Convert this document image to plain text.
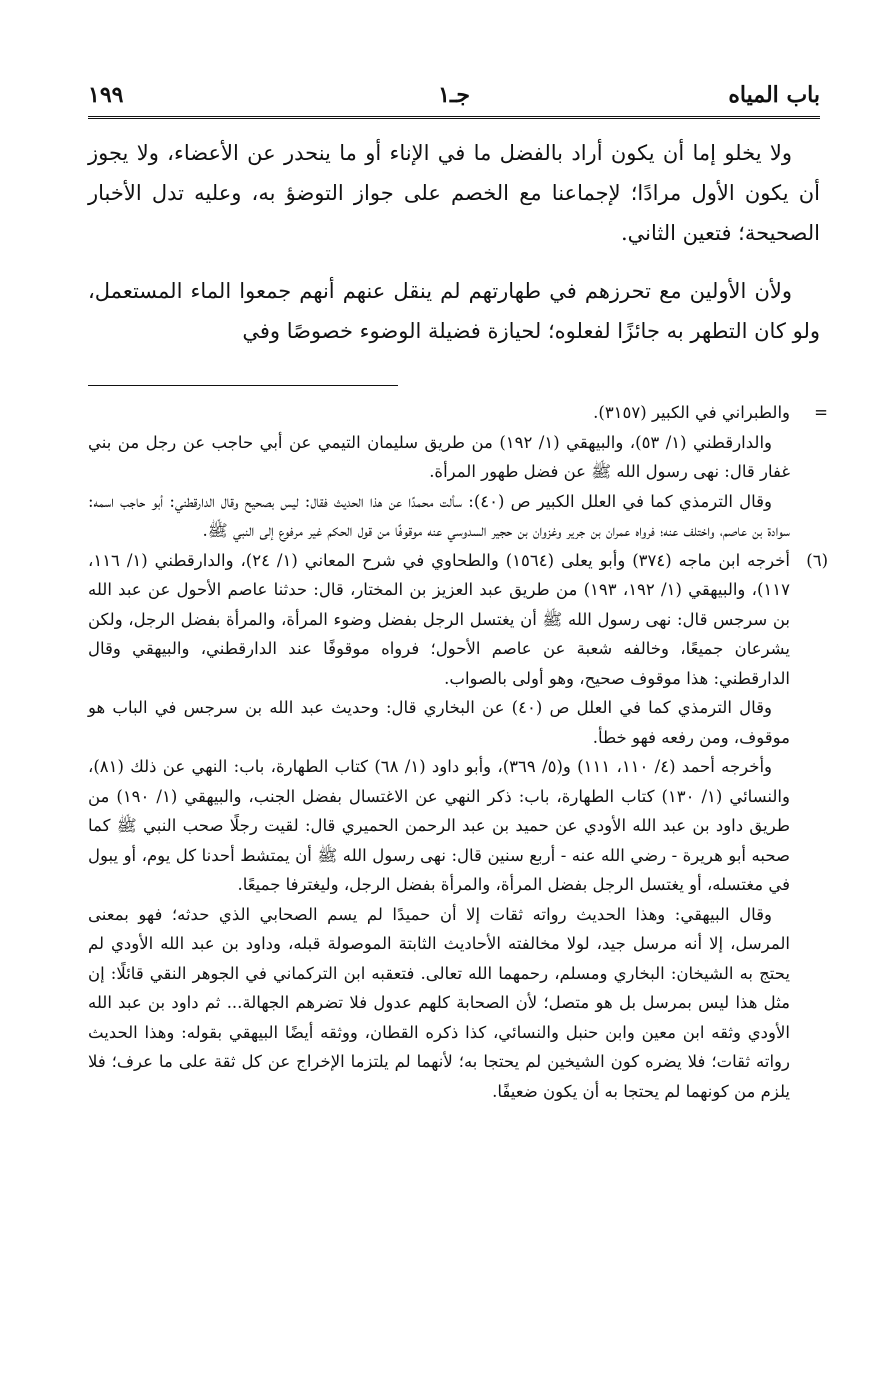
باب المياه
جـ١
١٩٩

ولا يخلو إما أن يكون أراد بالفضل ما في الإناء أو ما ينحدر عن الأعضاء، ولا يجوز أن يكون الأول مرادًا؛ لإجماعنا مع الخصم على جواز التوضؤ به، وعليه تدل الأخبار الصحيحة؛ فتعين الثاني.

ولأن الأولين مع تحرزهم في طهارتهم لم ينقل عنهم أنهم جمعوا الماء المستعمل، ولو كان التطهر به جائزًا لفعلوه؛ لحيازة فضيلة الوضوء خصوصًا وفي

=

والطبراني في الكبير (٣١٥٧).

والدارقطني (١/ ٥٣)، والبيهقي (١/ ١٩٢) من طريق سليمان التيمي عن أبي حاجب عن رجل من بني غفار قال: نهى رسول الله ﷺ عن فضل طهور المرأة.

وقال الترمذي كما في العلل الكبير ص (٤٠): سألت محمدًا عن هذا الحديث فقال: ليس بصحيح وقال الدارقطني: أبو حاجب اسمه: سوادة بن عاصم، واختلف عنه؛ فرواه عمران بن جرير وغزوان بن حجير السدوسي عنه موقوفًا من قول الحكم غير مرفوع إلى النبي ﷺ.

(٦)

أخرجه ابن ماجه (٣٧٤) وأبو يعلى (١٥٦٤) والطحاوي في شرح المعاني (١/ ٢٤)، والدارقطني (١/ ١١٦، ١١٧)، والبيهقي (١/ ١٩٢، ١٩٣) من طريق عبد العزيز بن المختار، قال: حدثنا عاصم الأحول عن عبد الله بن سرجس قال: نهى رسول الله ﷺ أن يغتسل الرجل بفضل وضوء المرأة، والمرأة بفضل الرجل، ولكن يشرعان جميعًا، وخالفه شعبة عن عاصم الأحول؛ فرواه موقوفًا عند الدارقطني، والبيهقي وقال الدارقطني: هذا موقوف صحيح، وهو أولى بالصواب.

وقال الترمذي كما في العلل ص (٤٠) عن البخاري قال: وحديث عبد الله بن سرجس في الباب هو موقوف، ومن رفعه فهو خطأ.

وأخرجه أحمد (٤/ ١١٠، ١١١) و(٥/ ٣٦٩)، وأبو داود (١/ ٦٨) كتاب الطهارة، باب: النهي عن ذلك (٨١)، والنسائي (١/ ١٣٠) كتاب الطهارة، باب: ذكر النهي عن الاغتسال بفضل الجنب، والبيهقي (١/ ١٩٠) من طريق داود بن عبد الله الأودي عن حميد بن عبد الرحمن الحميري قال: لقيت رجلًا صحب النبي ﷺ كما صحبه أبو هريرة - رضي الله عنه - أربع سنين قال: نهى رسول الله ﷺ أن يمتشط أحدنا كل يوم، أو يبول في مغتسله، أو يغتسل الرجل بفضل المرأة، والمرأة بفضل الرجل، وليغترفا جميعًا.

وقال البيهقي: وهذا الحديث رواته ثقات إلا أن حميدًا لم يسم الصحابي الذي حدثه؛ فهو بمعنى المرسل، إلا أنه مرسل جيد، لولا مخالفته الأحاديث الثابتة الموصولة قبله، وداود بن عبد الله الأودي لم يحتج به الشيخان: البخاري ومسلم، رحمهما الله تعالى. فتعقبه ابن التركماني في الجوهر النقي قائلًا: إن مثل هذا ليس بمرسل بل هو متصل؛ لأن الصحابة كلهم عدول فلا تضرهم الجهالة... ثم داود بن عبد الله الأودي وثقه ابن معين وابن حنبل والنسائي، كذا ذكره القطان، ووثقه أيضًا البيهقي بقوله: وهذا الحديث رواته ثقات؛ فلا يضره كون الشيخين لم يحتجا به؛ لأنهما لم يلتزما الإخراج عن كل ثقة على ما عرف؛ فلا يلزم من كونهما لم يحتجا به أن يكون ضعيفًا.
